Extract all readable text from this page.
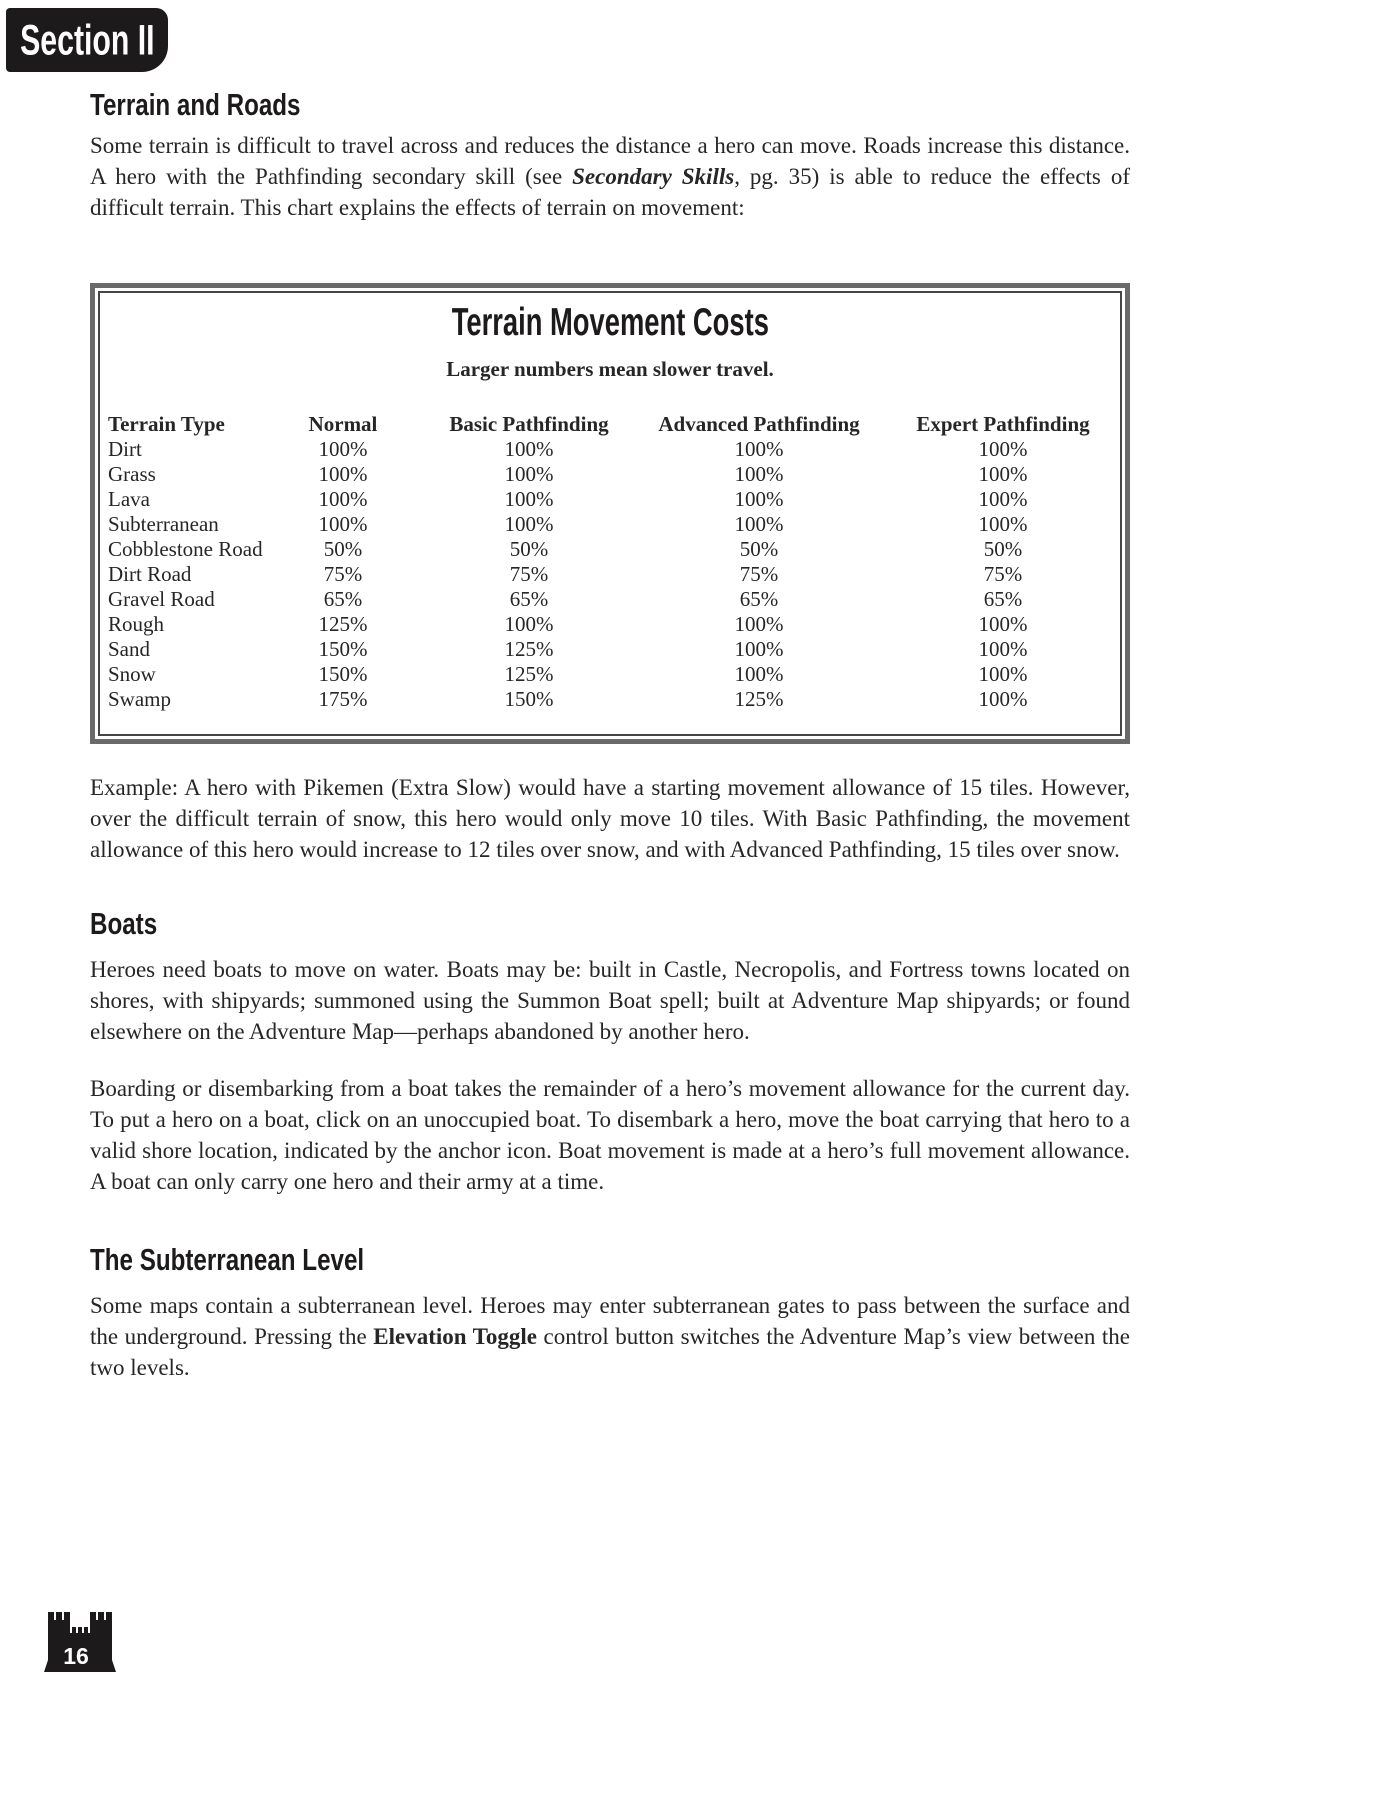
Section II
Terrain and Roads

Some terrain is difficult to travel across and reduces the distance a hero can move. Roads increase this distance. A hero with the Pathfinding secondary skill (see Secondary Skills, pg. 35) is able to reduce the effects of difficult terrain. This chart explains the effects of terrain on movement:

Terrain Movement Costs
Larger numbers mean slower travel.
Terrain Type	Normal	Basic Pathfinding	Advanced Pathfinding	Expert Pathfinding
Dirt	100%	100%	100%	100%
Grass	100%	100%	100%	100%
Lava	100%	100%	100%	100%
Subterranean	100%	100%	100%	100%
Cobblestone Road	50%	50%	50%	50%
Dirt Road	75%	75%	75%	75%
Gravel Road	65%	65%	65%	65%
Rough	125%	100%	100%	100%
Sand	150%	125%	100%	100%
Snow	150%	125%	100%	100%
Swamp	175%	150%	125%	100%

Example: A hero with Pikemen (Extra Slow) would have a starting movement allowance of 15 tiles. However, over the difficult terrain of snow, this hero would only move 10 tiles. With Basic Pathfinding, the movement allowance of this hero would increase to 12 tiles over snow, and with Advanced Pathfinding, 15 tiles over snow.

Boats

Heroes need boats to move on water. Boats may be: built in Castle, Necropolis, and Fortress towns located on shores, with shipyards; summoned using the Summon Boat spell; built at Adventure Map shipyards; or found elsewhere on the Adventure Map—perhaps abandoned by another hero.

Boarding or disembarking from a boat takes the remainder of a hero’s movement allowance for the current day. To put a hero on a boat, click on an unoccupied boat. To disembark a hero, move the boat carrying that hero to a valid shore location, indicated by the anchor icon. Boat movement is made at a hero’s full movement allowance. A boat can only carry one hero and their army at a time.

The Subterranean Level

Some maps contain a subterranean level. Heroes may enter subterranean gates to pass between the surface and the underground. Pressing the Elevation Toggle control button switches the Adventure Map’s view between the two levels.

16
